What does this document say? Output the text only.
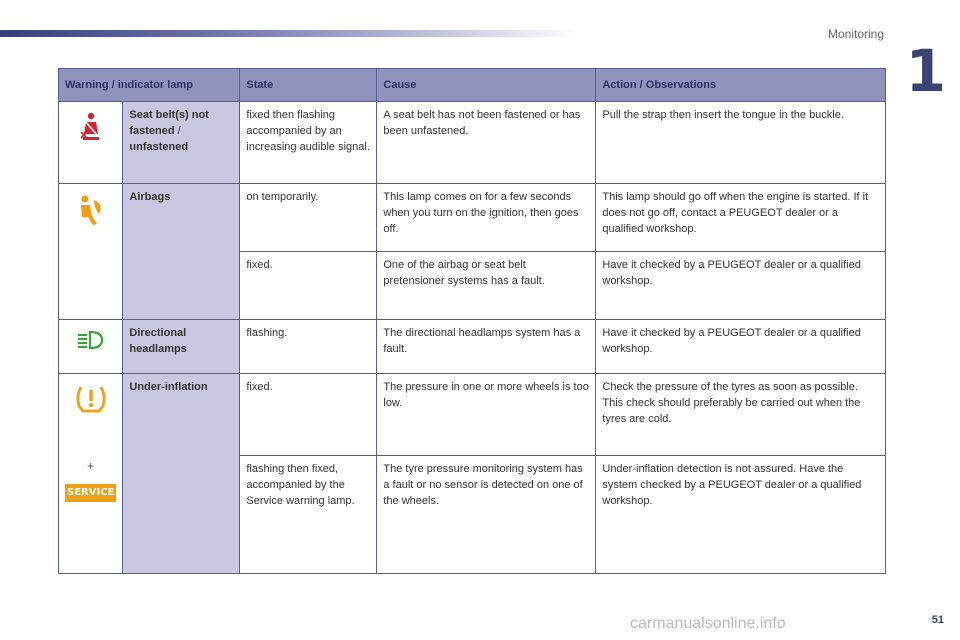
Monitoring
1
Warning / indicator lamp		State	Cause	Action / Observations

	Seat belt(s) not fastened /
unfastened	fixed then flashing accompanied by an increasing audible signal.	A seat belt has not been fastened or has been unfastened.	Pull the strap then insert the tongue in the buckle.

	Airbags	on temporarily.	This lamp comes on for a few seconds when you turn on the ignition, then goes off.	This lamp should go off when the engine is started. If it does not go off, contact a PEUGEOT dealer or a qualified workshop.
		fixed.	One of the airbag or seat belt pretensioner systems has a fault.	Have it checked by a PEUGEOT dealer or a qualified workshop.

	Directional headlamps	flashing.	The directional headlamps system has a fault.	Have it checked by a PEUGEOT dealer or a qualified workshop.

+
SERVICE	Under-inflation	fixed.	The pressure in one or more wheels is too low.	Check the pressure of the tyres as soon as possible. This check should preferably be carried out when the tyres are cold.
		flashing then fixed, accompanied by the Service warning lamp.	The tyre pressure monitoring system has a fault or no sensor is detected on one of the wheels.	Under-inflation detection is not assured. Have the system checked by a PEUGEOT dealer or a qualified workshop.
carmanualsonline.info	51
